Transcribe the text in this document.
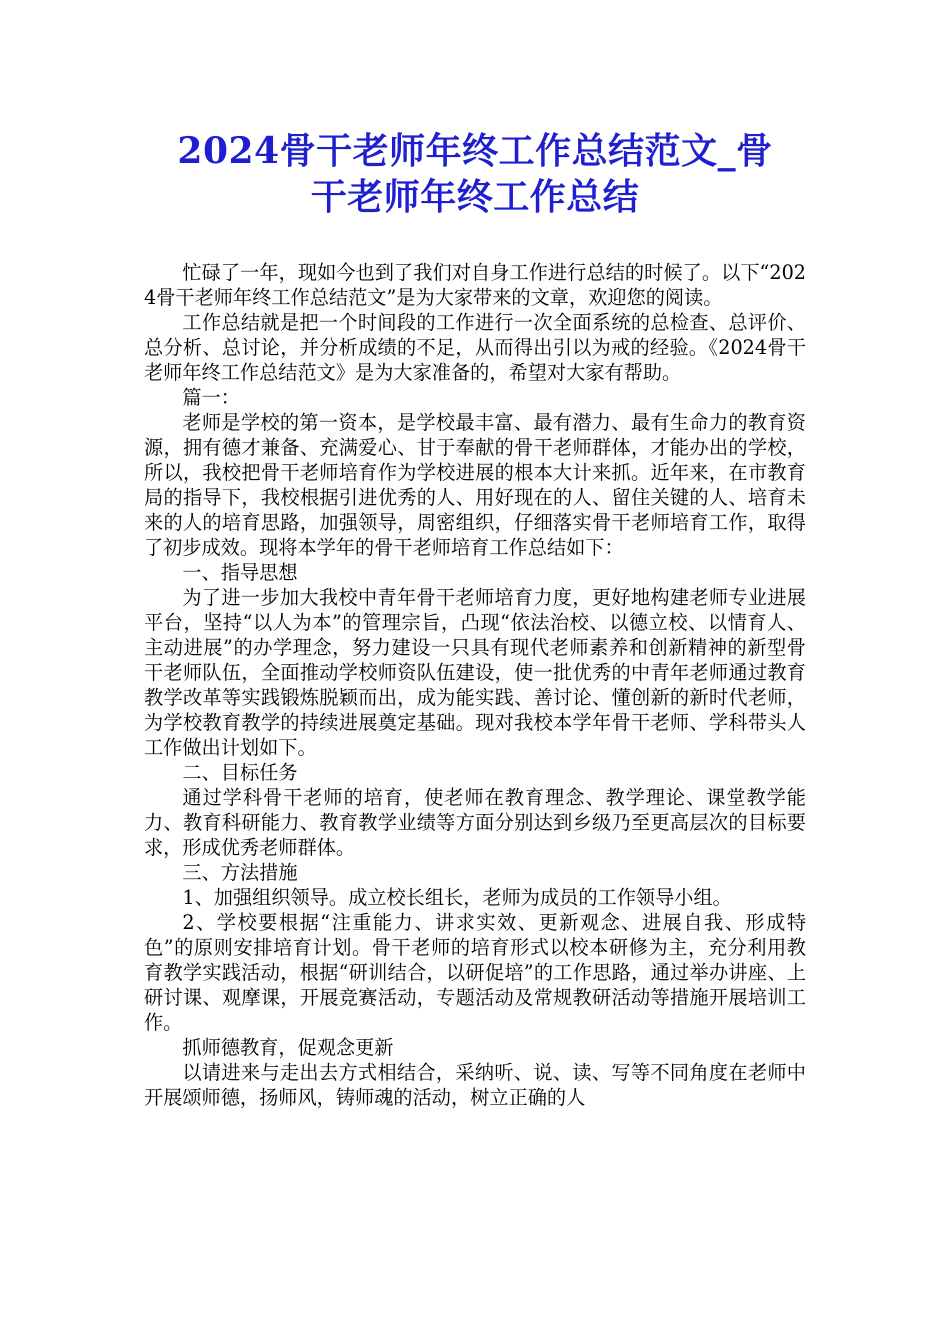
2024骨干老师年终工作总结范文_骨
干老师年终工作总结

忙碌了一年，现如今也到了我们对自身工作进行总结的时候了。以下“2024骨干老师年终工作总结范文”是为大家带来的文章，欢迎您的阅读。

工作总结就是把一个时间段的工作进行一次全面系统的总检查、总评价、总分析、总讨论，并分析成绩的不足，从而得出引以为戒的经验。《2024骨干老师年终工作总结范文》是为大家准备的，希望对大家有帮助。

篇一：

老师是学校的第一资本，是学校最丰富、最有潜力、最有生命力的教育资源，拥有德才兼备、充满爱心、甘于奉献的骨干老师群体，才能办出的学校，所以，我校把骨干老师培育作为学校进展的根本大计来抓。近年来，在市教育局的指导下，我校根据引进优秀的人、用好现在的人、留住关键的人、培育未来的人的培育思路，加强领导，周密组织，仔细落实骨干老师培育工作，取得了初步成效。现将本学年的骨干老师培育工作总结如下：

一、指导思想

为了进一步加大我校中青年骨干老师培育力度，更好地构建老师专业进展平台，坚持“以人为本”的管理宗旨，凸现“依法治校、以德立校、以情育人、主动进展”的办学理念，努力建设一只具有现代老师素养和创新精神的新型骨干老师队伍，全面推动学校师资队伍建设，使一批优秀的中青年老师通过教育教学改革等实践锻炼脱颖而出，成为能实践、善讨论、懂创新的新时代老师，为学校教育教学的持续进展奠定基础。现对我校本学年骨干老师、学科带头人工作做出计划如下。

二、目标任务

通过学科骨干老师的培育，使老师在教育理念、教学理论、课堂教学能力、教育科研能力、教育教学业绩等方面分别达到乡级乃至更高层次的目标要求，形成优秀老师群体。

三、方法措施

1、加强组织领导。成立校长组长，老师为成员的工作领导小组。

2、学校要根据“注重能力、讲求实效、更新观念、进展自我、形成特色”的原则安排培育计划。骨干老师的培育形式以校本研修为主，充分利用教育教学实践活动，根据“研训结合，以研促培”的工作思路，通过举办讲座、上研讨课、观摩课，开展竞赛活动，专题活动及常规教研活动等措施开展培训工作。

抓师德教育，促观念更新

以请进来与走出去方式相结合，采纳听、说、读、写等不同角度在老师中开展颂师德，扬师风，铸师魂的活动，树立正确的人
